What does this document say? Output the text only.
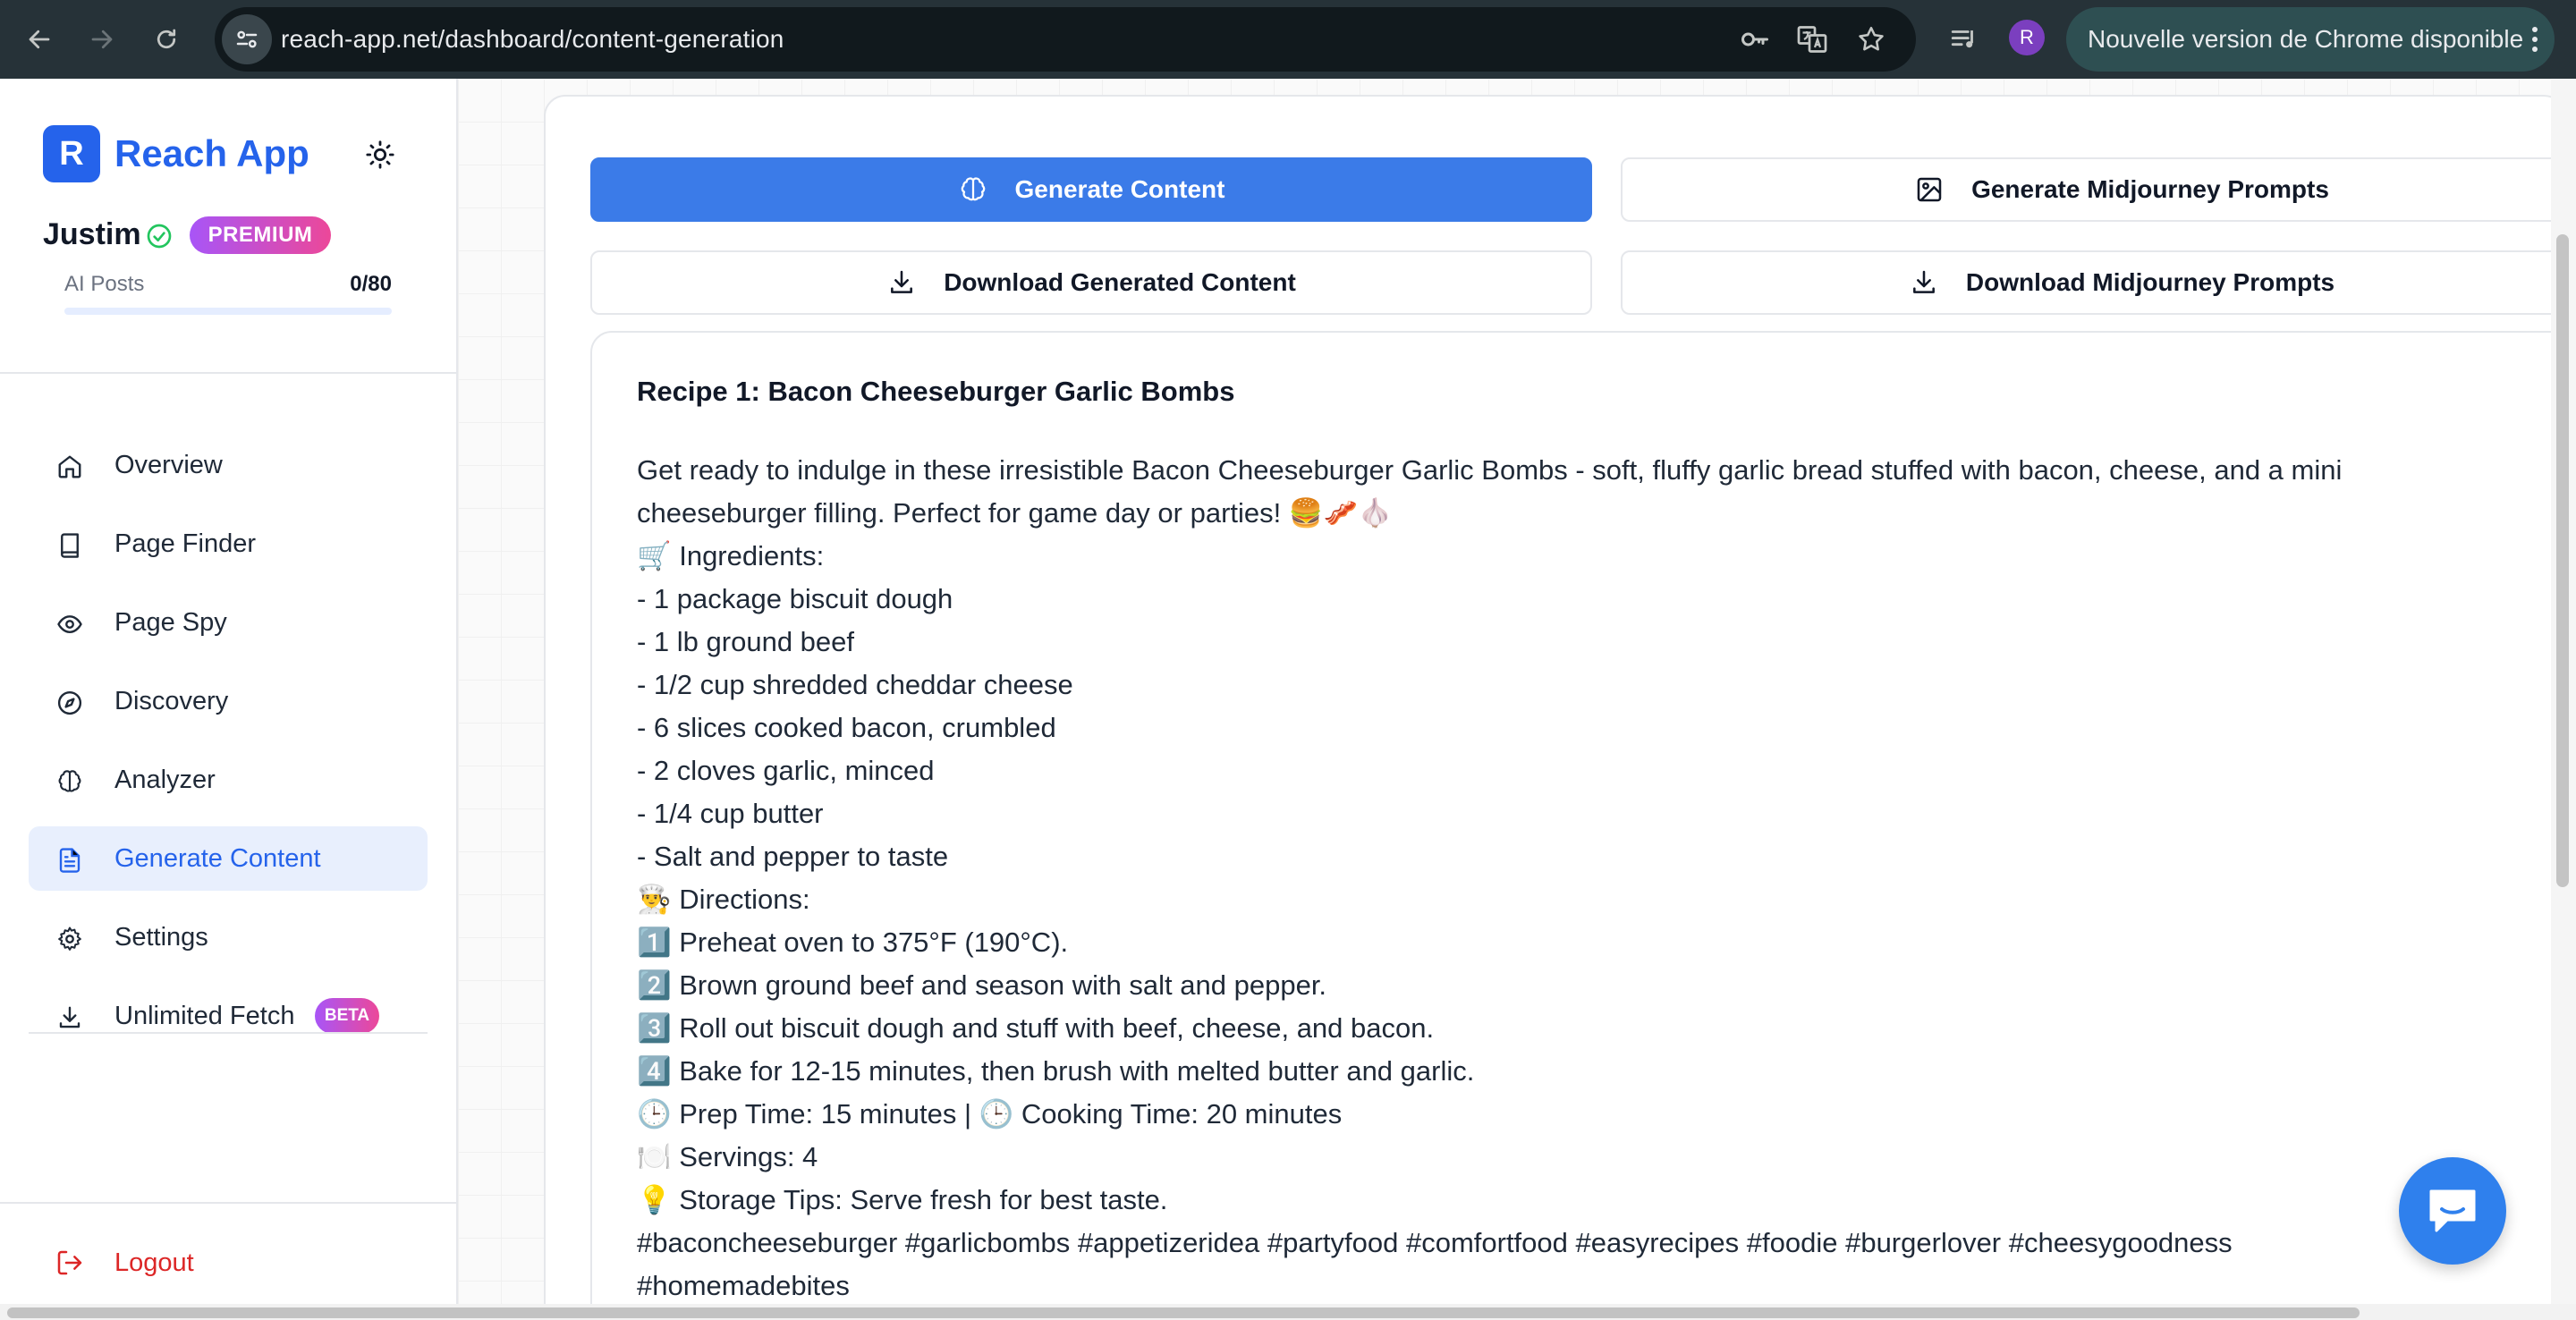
reach-app.net/dashboard/content-generation	R	Nouvelle version de Chrome disponible
R Reach App
Justim	PREMIUM
AI Posts	0/80
Overview
Page Finder
Page Spy
Discovery
Analyzer
Generate Content
Settings
Unlimited Fetch	BETA
Logout
Generate Content	Generate Midjourney Prompts
Download Generated Content	Download Midjourney Prompts
Recipe 1: Bacon Cheeseburger Garlic Bombs
Get ready to indulge in these irresistible Bacon Cheeseburger Garlic Bombs - soft, fluffy garlic bread stuffed with bacon, cheese, and a mini
cheeseburger filling. Perfect for game day or parties! 🍔🥓🧄
🛒 Ingredients:
- 1 package biscuit dough
- 1 lb ground beef
- 1/2 cup shredded cheddar cheese
- 6 slices cooked bacon, crumbled
- 2 cloves garlic, minced
- 1/4 cup butter
- Salt and pepper to taste
👨‍🍳 Directions:
1️⃣ Preheat oven to 375°F (190°C).
2️⃣ Brown ground beef and season with salt and pepper.
3️⃣ Roll out biscuit dough and stuff with beef, cheese, and bacon.
4️⃣ Bake for 12-15 minutes, then brush with melted butter and garlic.
🕒 Prep Time: 15 minutes | 🕒 Cooking Time: 20 minutes
🍽️ Servings: 4
💡 Storage Tips: Serve fresh for best taste.
#baconcheeseburger #garlicbombs #appetizeridea #partyfood #comfortfood #easyrecipes #foodie #burgerlover #cheesygoodness
#homemadebites
